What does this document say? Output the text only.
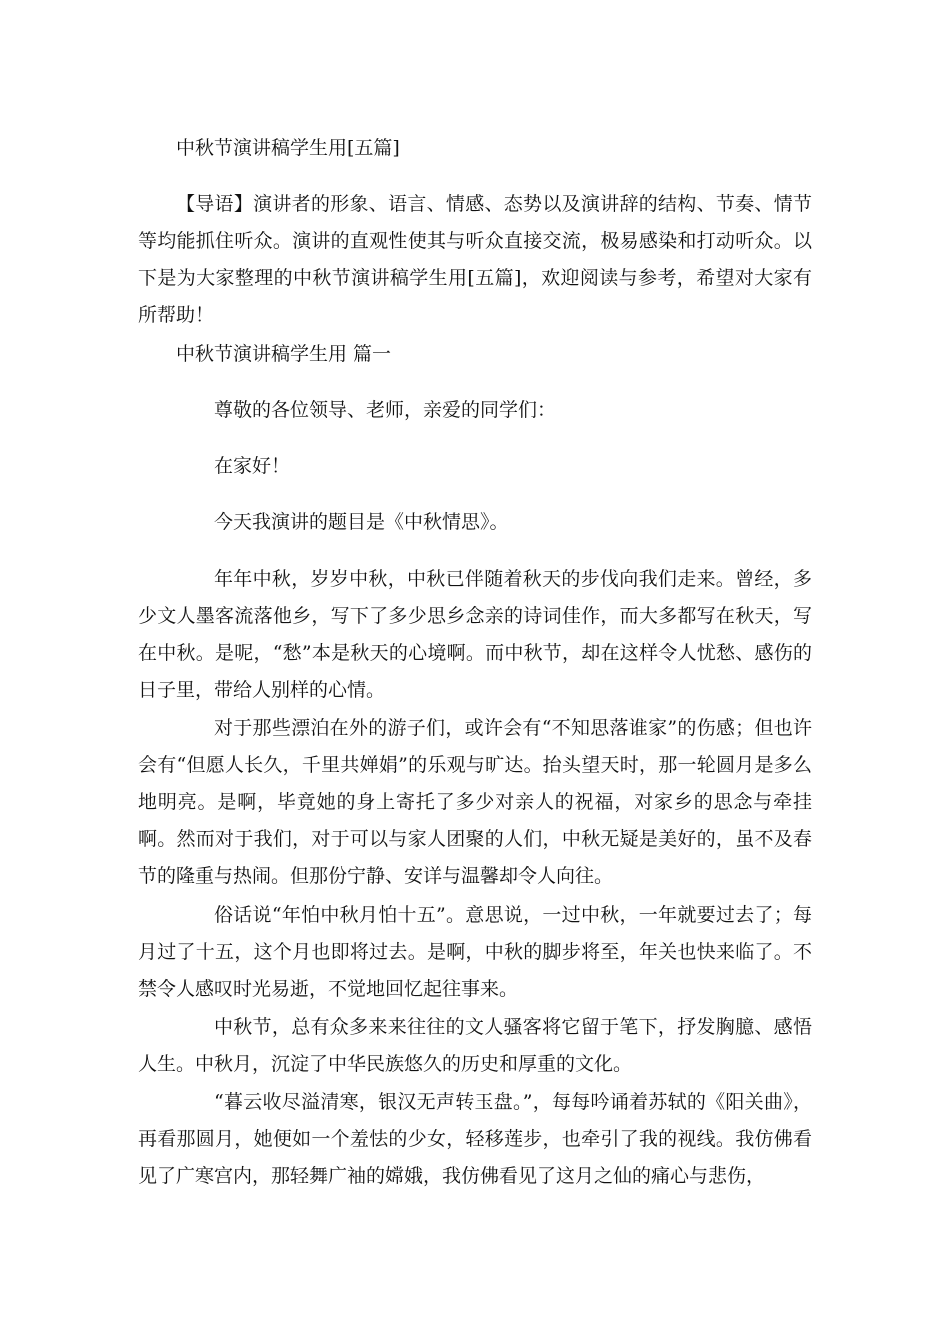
中秋节演讲稿学生用[五篇]

【导语】演讲者的形象、语言、情感、态势以及演讲辞的结构、节奏、情节等均能抓住听众。演讲的直观性使其与听众直接交流，极易感染和打动听众。以下是为大家整理的中秋节演讲稿学生用[五篇]，欢迎阅读与参考，希望对大家有所帮助！

中秋节演讲稿学生用 篇一

尊敬的各位领导、老师，亲爱的同学们：

在家好！

今天我演讲的题目是《中秋情思》。

年年中秋，岁岁中秋，中秋已伴随着秋天的步伐向我们走来。曾经，多少文人墨客流落他乡，写下了多少思乡念亲的诗词佳作，而大多都写在秋天，写在中秋。是呢，“愁”本是秋天的心境啊。而中秋节，却在这样令人忧愁、感伤的日子里，带给人别样的心情。

对于那些漂泊在外的游子们，或许会有“不知思落谁家”的伤感；但也许会有“但愿人长久，千里共婵娟”的乐观与旷达。抬头望天时，那一轮圆月是多么地明亮。是啊，毕竟她的身上寄托了多少对亲人的祝福，对家乡的思念与牵挂啊。然而对于我们，对于可以与家人团聚的人们，中秋无疑是美好的，虽不及春节的隆重与热闹。但那份宁静、安详与温馨却令人向往。

俗话说“年怕中秋月怕十五”。意思说，一过中秋，一年就要过去了；每月过了十五，这个月也即将过去。是啊，中秋的脚步将至，年关也快来临了。不禁令人感叹时光易逝，不觉地回忆起往事来。

中秋节，总有众多来来往往的文人骚客将它留于笔下，抒发胸臆、感悟人生。中秋月，沉淀了中华民族悠久的历史和厚重的文化。

“暮云收尽溢清寒，银汉无声转玉盘。”，每每吟诵着苏轼的《阳关曲》，再看那圆月，她便如一个羞怯的少女，轻移莲步，也牵引了我的视线。我仿佛看见了广寒宫内，那轻舞广袖的嫦娥，我仿佛看见了这月之仙的痛心与悲伤，
